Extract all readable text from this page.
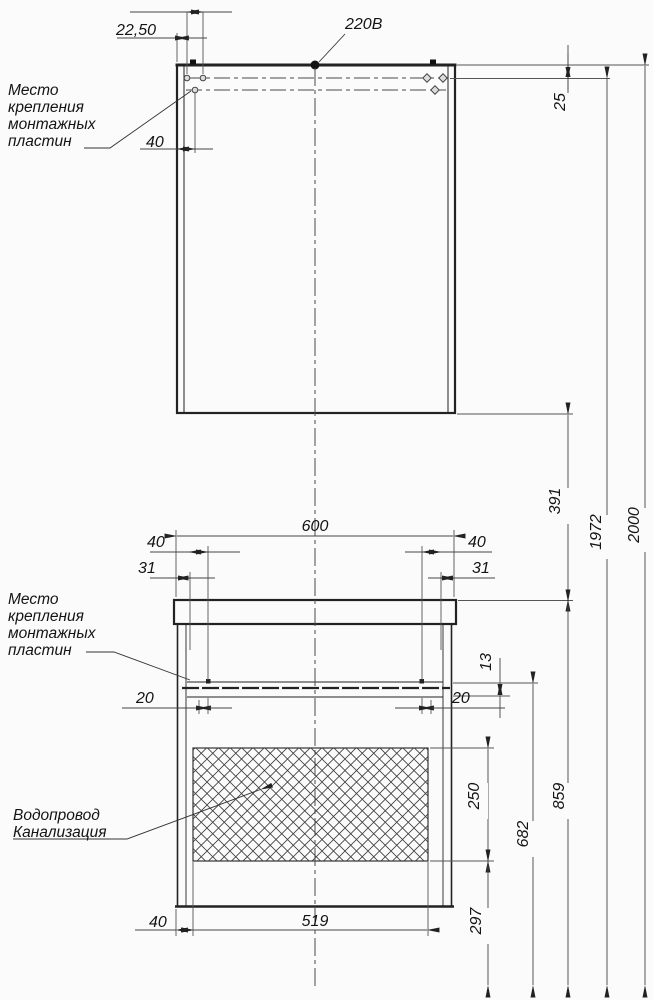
22,50	220В
40
25
Место
крепления
монтажных
пластин
391
1972 2000
600
40
31
40
31
Место
крепления
монтажных
пластин
13
20	20
Водопровод
Канализация
250
682
859
297
40	519
